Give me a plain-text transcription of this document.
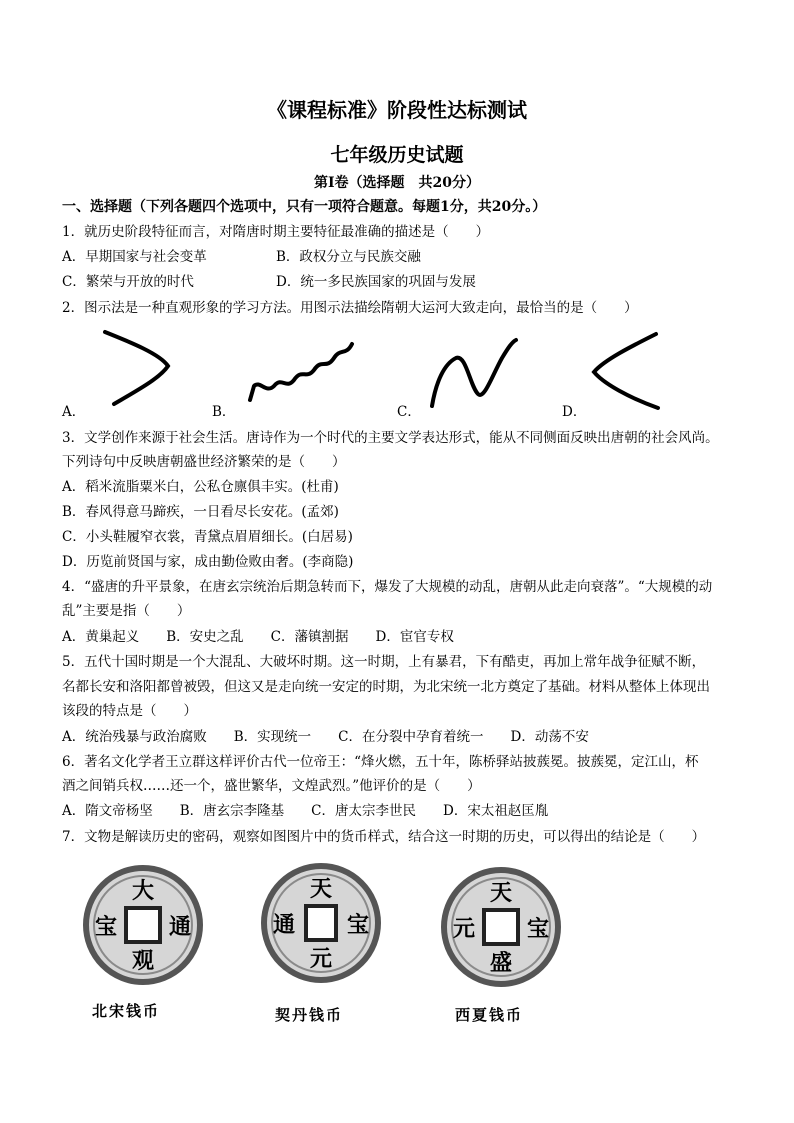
《课程标准》阶段性达标测试
七年级历史试题
第Ⅰ卷（选择题　共20分）
一、选择题（下列各题四个选项中，只有一项符合题意。每题1分，共20分。）
1．就历史阶段特征而言，对隋唐时期主要特征最准确的描述是（　　）
A．早期国家与社会变革	B．政权分立与民族交融
C．繁荣与开放的时代	D．统一多民族国家的巩固与发展
2．图示法是一种直观形象的学习方法。用图示法描绘隋朝大运河大致走向，最恰当的是（　　）
A．	B．	C．	D．
3．文学创作来源于社会生活。唐诗作为一个时代的主要文学表达形式，能从不同侧面反映出唐朝的社会风尚。
下列诗句中反映唐朝盛世经济繁荣的是（　　）
A．稻米流脂粟米白，公私仓廪俱丰实。(杜甫)
B．春风得意马蹄疾，一日看尽长安花。(孟郊)
C．小头鞋履窄衣裳，青黛点眉眉细长。(白居易)
D．历览前贤国与家，成由勤俭败由奢。(李商隐)
4．“盛唐的升平景象，在唐玄宗统治后期急转而下，爆发了大规模的动乱，唐朝从此走向衰落”。“大规模的动
乱”主要是指（　　）
A．黄巢起义　　B．安史之乱　　C．藩镇割据　　D．宦官专权
5．五代十国时期是一个大混乱、大破坏时期。这一时期，上有暴君，下有酷吏，再加上常年战争征赋不断，
名都长安和洛阳都曾被毁，但这又是走向统一安定的时期，为北宋统一北方奠定了基础。材料从整体上体现出
该段的特点是（　　）
A．统治残暴与政治腐败　　B．实现统一　　C．在分裂中孕育着统一　　D．动荡不安
6．著名文化学者王立群这样评价古代一位帝王：“烽火燃，五十年，陈桥驿站披蔟冕。披蔟冕，定江山，杯
酒之间销兵权……还一个，盛世繁华，文煌武烈。”他评价的是（　　）
A．隋文帝杨坚　　B．唐玄宗李隆基　　C．唐太宗李世民　　D．宋太祖赵匡胤
7．文物是解读历史的密码，观察如图图片中的货币样式，结合这一时期的历史，可以得出的结论是（　　）
大
观
宝 通
北宋钱币
天
元
通 宝
契丹钱币
天
盛
元 宝
西夏钱币
